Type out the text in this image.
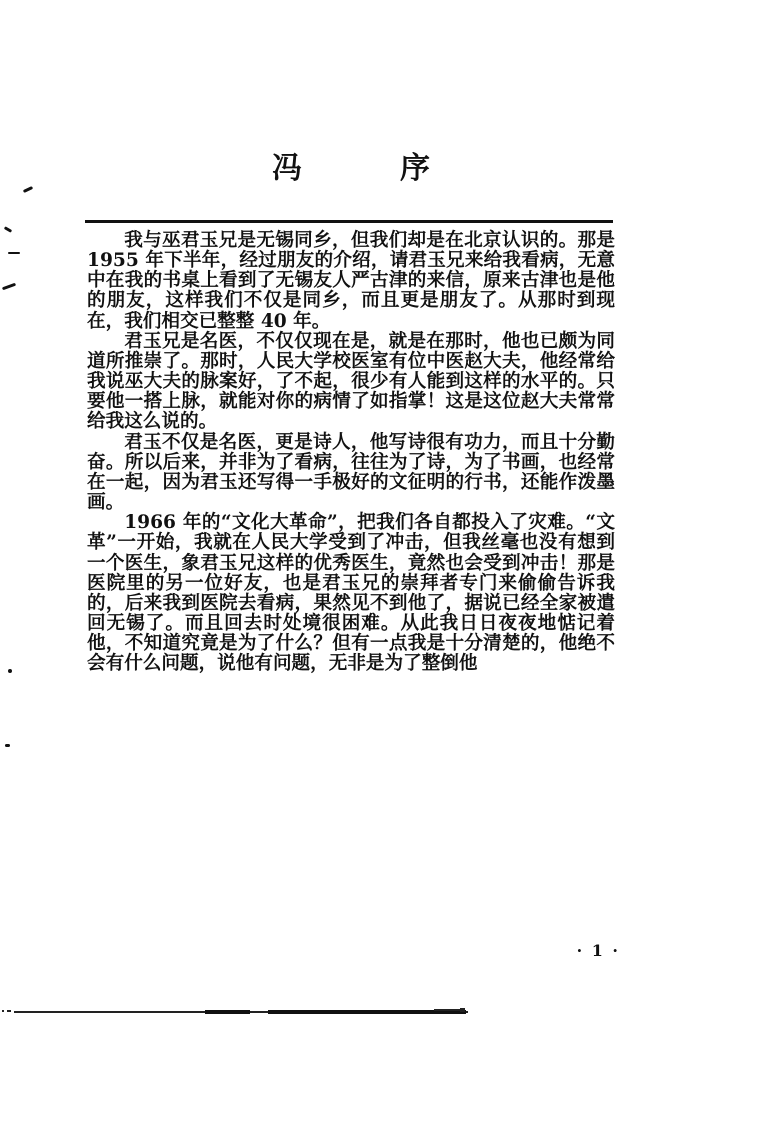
冯	序

我与巫君玉兄是无锡同乡，但我们却是在北京认识的。那是 1955 年下半年，经过朋友的介绍，请君玉兄来给我看病，无意中在我的书桌上看到了无锡友人严古津的来信，原来古津也是他的朋友，这样我们不仅是同乡，而且更是朋友了。从那时到现在，我们相交已整整 40 年。

君玉兄是名医，不仅仅现在是，就是在那时，他也已颇为同道所推崇了。那时，人民大学校医室有位中医赵大夫，他经常给我说巫大夫的脉案好，了不起，很少有人能到这样的水平的。只要他一搭上脉，就能对你的病情了如指掌！这是这位赵大夫常常给我这么说的。

君玉不仅是名医，更是诗人，他写诗很有功力，而且十分勤奋。所以后来，并非为了看病，往往为了诗，为了书画，也经常在一起，因为君玉还写得一手极好的文征明的行书，还能作泼墨画。

1966 年的“文化大革命”，把我们各自都投入了灾难。“文革”一开始，我就在人民大学受到了冲击，但我丝毫也没有想到一个医生，象君玉兄这样的优秀医生，竟然也会受到冲击！那是医院里的另一位好友，也是君玉兄的崇拜者专门来偷偷告诉我的，后来我到医院去看病，果然见不到他了，据说已经全家被遣回无锡了。而且回去时处境很困难。从此我日日夜夜地惦记着他，不知道究竟是为了什么？但有一点我是十分清楚的，他绝不会有什么问题，说他有问题，无非是为了整倒他

· 1 ·
